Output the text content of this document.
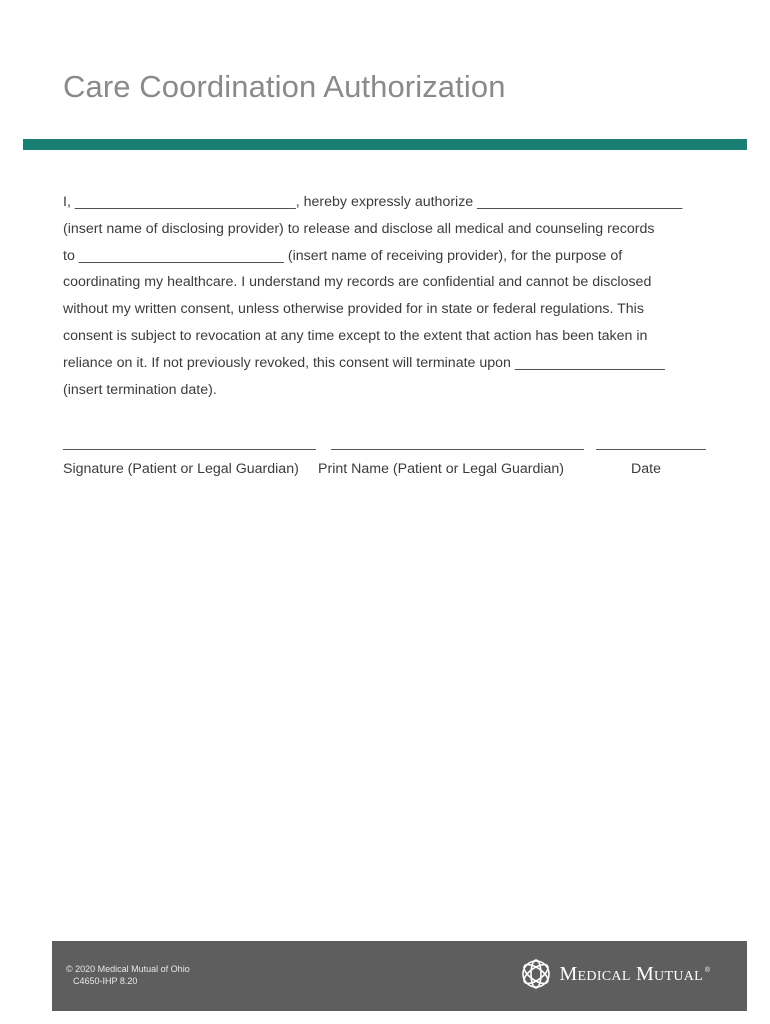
Care Coordination Authorization
I, ____________________________, hereby expressly authorize __________________________
(insert name of disclosing provider) to release and disclose all medical and counseling records
to __________________________ (insert name of receiving provider), for the purpose of
coordinating my healthcare. I understand my records are confidential and cannot be disclosed
without my written consent, unless otherwise provided for in state or federal regulations. This
consent is subject to revocation at any time except to the extent that action has been taken in
reliance on it. If not previously revoked, this consent will terminate upon ___________________
(insert termination date).
Signature (Patient or Legal Guardian) Print Name (Patient or Legal Guardian)	Date
© 2020 Medical Mutual of Ohio
C4650-IHP 8.20	Medical Mutual ®
